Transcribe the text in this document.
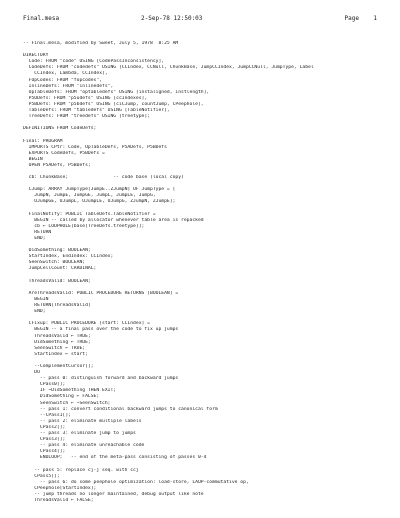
Final.mesa

	2-Sep-78 12:50:03

	Page    1

-- Final.mesa, modified by Sweet, July 5, 1978  8:25 AM
DIRECTORY
Code: FROM "code" USING [CodePassInconsistency],
CodeDefs: FROM "codedefs" USING [CCIndex, CCNull, ChunkBase, JumpCCIndex, JumpCCNull, JumpType, Label
CCIndex, Lambda, CCIndex],
FOpCodes: FROM "fopcodes",
InlineDefs: FROM "inlinedefs",
OpTableDefs: FROM "optabledefs" USING [instaligned, instlength],
P5UDefs: FROM "p5udefs" USING [ccIndexes],
P5BDefs: FROM "p5bdefs" USING [ciCJump, countJump, CPeephole],
TableDefs: FROM "tabledefs" USING [TableNotifier],
TreeDefs: FROM "treedefs" USING [treetype];
DEFINITIONS FROM CodeDefs;
Final: PROGRAM
IMPORTS CPtr: Code, OpTableDefs, P5ADefs, P5BDefs
EXPORTS CodeDefs, P5BDefs =
BEGIN
OPEN P5ADefs, P5BDefs;
cb: ChunkBase;                -- code base (local copy)
CJump: ARRAY JumpType[JumpE..ZJumpN] OF JumpType = [
JumpN, JumpE, JumpGE, JumpL, JumpLE, JumpG,
UJumpGE, UJumpL, UJumpLE, UJumpG, ZJumpN, ZJumpE];
FinalNotify: PUBLIC TableDefs.TableNotifier =
BEGIN -- called by allocator whenever table area is repacked
cb ← LOOPHOLE[base[TreeDefs.treetype]];
RETURN
END;
DidSomething: BOOLEAN;
StartIndex, EndIndex: CCIndex;
SeenSwitch: BOOLEAN;
JumpCellCount: CARDINAL;
ThreadsValid: BOOLEAN;
AreThreadsValid: PUBLIC PROCEDURE RETURNS [BOOLEAN] =
BEGIN
RETURN[ThreadsValid]
END;
CFixup: PUBLIC PROCEDURE [start: CCIndex] =
BEGIN -- a final pass over the code to fix up jumps
ThreadsValid ← TRUE;
DidSomething ← TRUE;
SeenSwitch ← TRUE;
StartIndex ← start;
--ComplementCursor[];
DO
-- pass 0: distinguish forward and backward jumps
CPass0[];
IF ~DidSomething THEN EXIT;
DidSomething ← FALSE;
SeenSwitch ← ~SeenSwitch;
-- pass 1: convert conditional backward jumps to canonical form
--CPass1[];
-- pass 2: eliminate multiple labels
CPass2[];
-- pass 3: eliminate jump to jumps
CPass3[];
-- pass 4: eliminate unreachable code
CPass4[];
ENDLOOP;   -- end of the meta-pass consisting of passes 0-4
-- pass 5: replace cj-j seq. with ccj
CPass5[];
-- pass 6: do some peephole optimization: load-store, LAOP-commutative op,
CPeephole[StartIndex];
-- jump threads no longer maintained, debug output like note
ThreadsValid ← FALSE;
